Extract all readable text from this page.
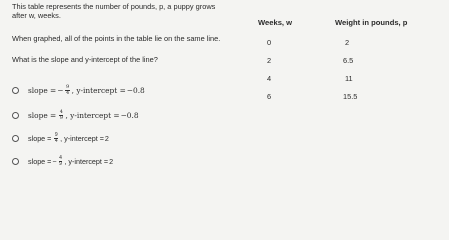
This table represents the number of pounds, p, a puppy grows
after w, weeks.
When graphed, all of the points in the table lie on the same line.
What is the slope and y-intercept of the line?
Weeks, w	Weight in pounds, p
0	2
2	6.5
4	11
6	15.5
slope = − $\frac{9}{4}$ , y-intercept = −0.8
slope = $\frac{4}{9}$ , y-intercept = −0.8
slope = $\frac{9}{4}$ , y-intercept = 2
slope = − $\frac{4}{9}$ , y-intercept = 2
